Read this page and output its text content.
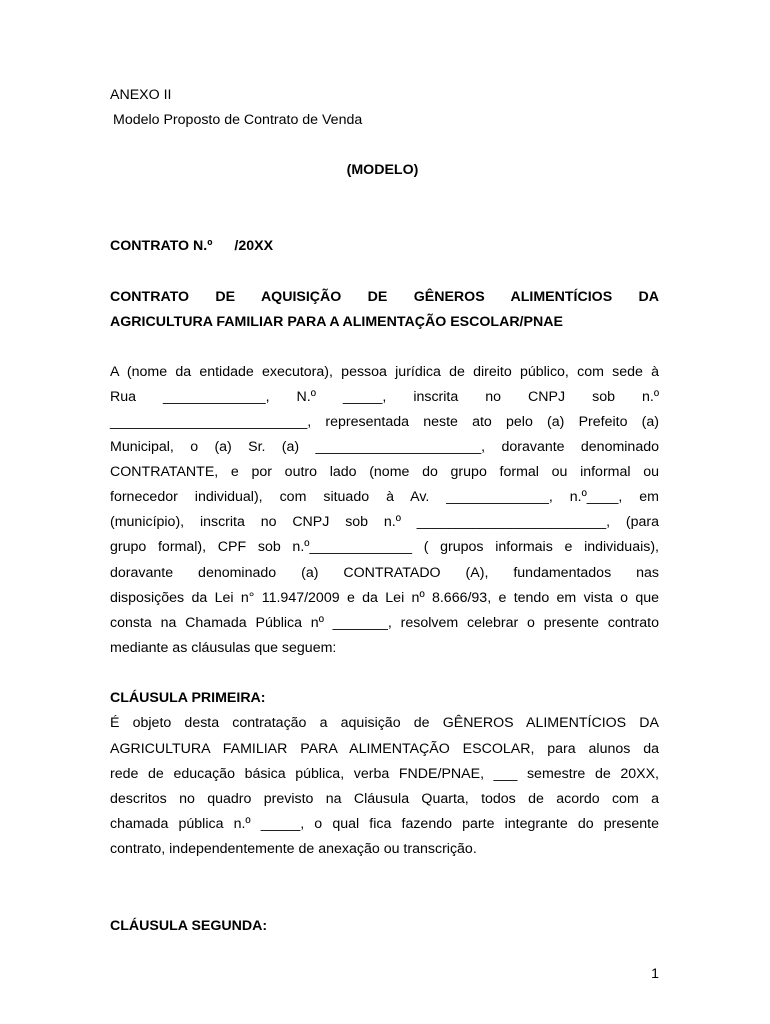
ANEXO II
Modelo Proposto de Contrato de Venda
(MODELO)
CONTRATO N.º /20XX
CONTRATO DE AQUISIÇÃO DE GÊNEROS ALIMENTÍCIOS DA
AGRICULTURA FAMILIAR PARA A ALIMENTAÇÃO ESCOLAR/PNAE
A (nome da entidade executora), pessoa jurídica de direito público, com sede à
Rua _____________, N.º _____, inscrita no CNPJ sob n.º
_________________________, representada neste ato pelo (a) Prefeito (a)
Municipal, o (a) Sr. (a) _____________________, doravante denominado
CONTRATANTE, e por outro lado (nome do grupo formal ou informal ou
fornecedor individual), com situado à Av. _____________, n.º____, em
(município), inscrita no CNPJ sob n.º ________________________, (para
grupo formal), CPF sob n.º_____________ ( grupos informais e individuais),
doravante denominado (a) CONTRATADO (A), fundamentados nas
disposições da Lei n° 11.947/2009 e da Lei nº 8.666/93, e tendo em vista o que
consta na Chamada Pública nº _______, resolvem celebrar o presente contrato
mediante as cláusulas que seguem:
CLÁUSULA PRIMEIRA:
É objeto desta contratação a aquisição de GÊNEROS ALIMENTÍCIOS DA
AGRICULTURA FAMILIAR PARA ALIMENTAÇÃO ESCOLAR, para alunos da
rede de educação básica pública, verba FNDE/PNAE, ___ semestre de 20XX,
descritos no quadro previsto na Cláusula Quarta, todos de acordo com a
chamada pública n.º _____, o qual fica fazendo parte integrante do presente
contrato, independentemente de anexação ou transcrição.
CLÁUSULA SEGUNDA:
1
